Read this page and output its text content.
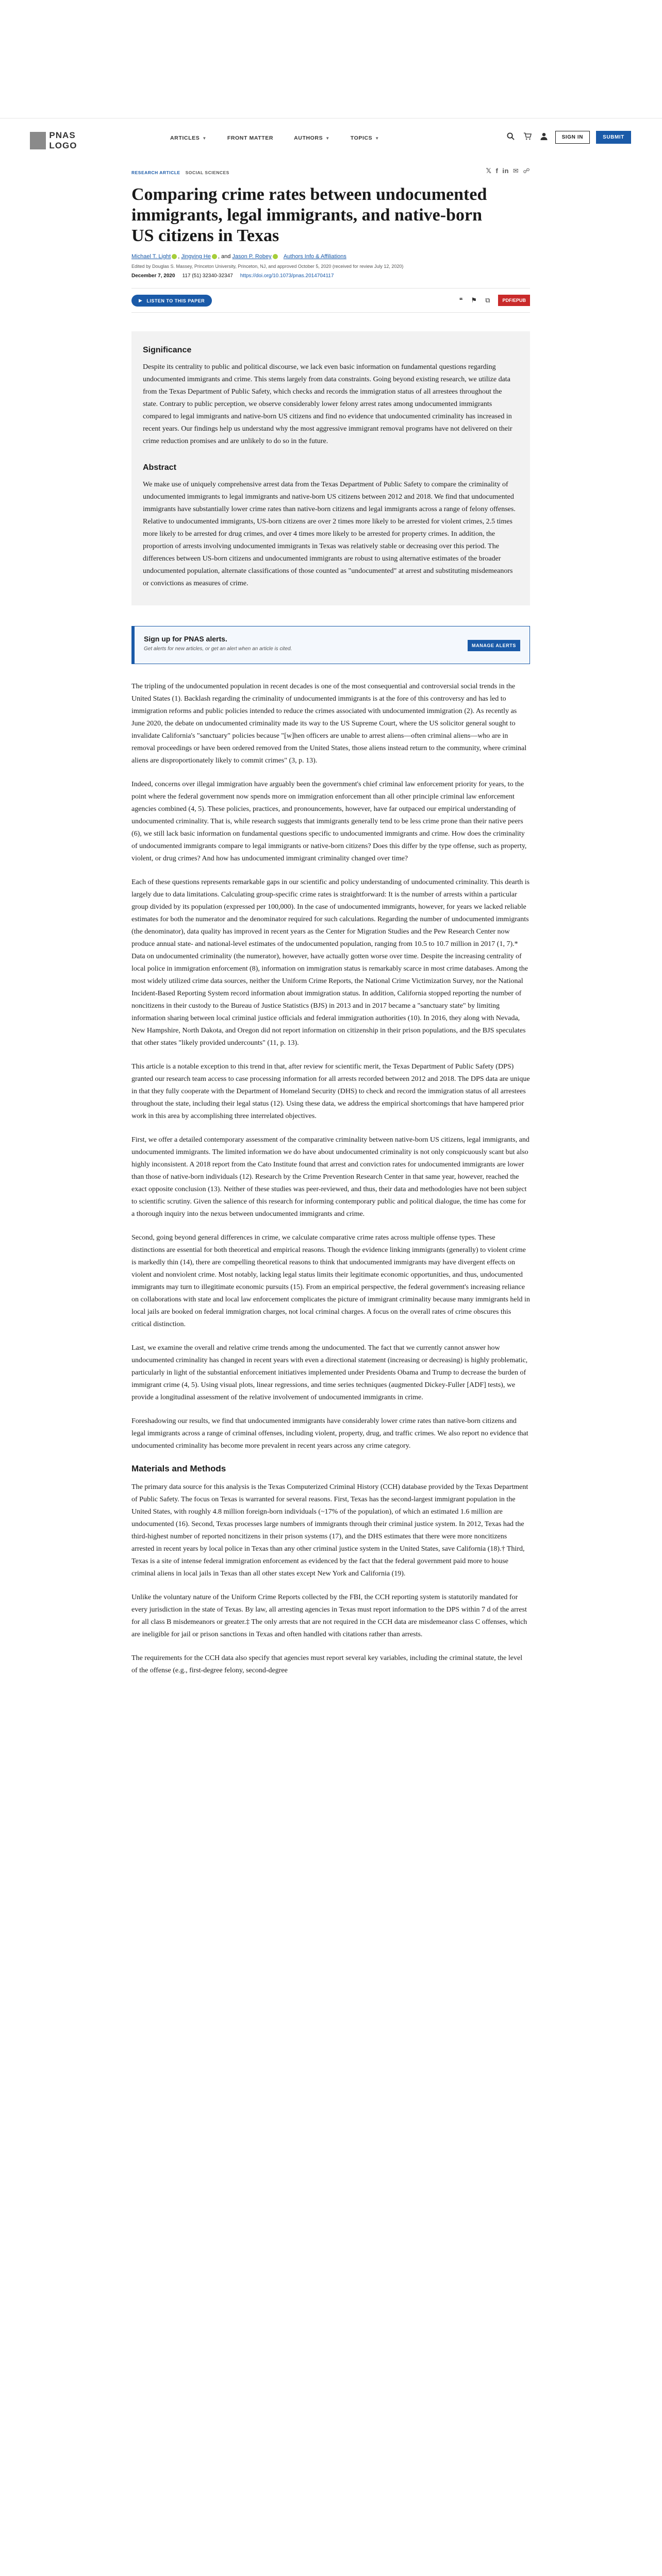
PNAS LOGO
ARTICLES ▼	FRONT MATTER	AUTHORS ▼	TOPICS ▼	SIGN IN	SUBMIT
RESEARCH ARTICLE SOCIAL SCIENCES	𝕏 f in ✉ ☍
Comparing crime rates between undocumented immigrants, legal immigrants, and native-born US citizens in Texas
Michael T. Light , Jingying He , and Jason P. Robey Authors Info & Affiliations
Edited by Douglas S. Massey, Princeton University, Princeton, NJ, and approved October 5, 2020 (received for review July 12, 2020)
December 7, 2020 117 (51) 32340-32347 https://doi.org/10.1073/pnas.2014704117
▶ LISTEN TO THIS PAPER	❝ ⚑ ⧉	PDF/EPUB
Significance

Despite its centrality to public and political discourse, we lack even basic information on fundamental questions regarding undocumented immigrants and crime. This stems largely from data constraints. Going beyond existing research, we utilize data from the Texas Department of Public Safety, which checks and records the immigration status of all arrestees throughout the state. Contrary to public perception, we observe considerably lower felony arrest rates among undocumented immigrants compared to legal immigrants and native-born US citizens and find no evidence that undocumented criminality has increased in recent years. Our findings help us understand why the most aggressive immigrant removal programs have not delivered on their crime reduction promises and are unlikely to do so in the future.

Abstract

We make use of uniquely comprehensive arrest data from the Texas Department of Public Safety to compare the criminality of undocumented immigrants to legal immigrants and native-born US citizens between 2012 and 2018. We find that undocumented immigrants have substantially lower crime rates than native-born citizens and legal immigrants across a range of felony offenses. Relative to undocumented immigrants, US-born citizens are over 2 times more likely to be arrested for violent crimes, 2.5 times more likely to be arrested for drug crimes, and over 4 times more likely to be arrested for property crimes. In addition, the proportion of arrests involving undocumented immigrants in Texas was relatively stable or decreasing over this period. The differences between US-born citizens and undocumented immigrants are robust to using alternative estimates of the broader undocumented population, alternate classifications of those counted as "undocumented" at arrest and substituting misdemeanors or convictions as measures of crime.

Sign up for PNAS alerts.
Get alerts for new articles, or get an alert when an article is cited.
MANAGE ALERTS

The tripling of the undocumented population in recent decades is one of the most consequential and controversial social trends in the United States (1). Backlash regarding the criminality of undocumented immigrants is at the fore of this controversy and has led to immigration reforms and public policies intended to reduce the crimes associated with undocumented immigration (2). As recently as June 2020, the debate on undocumented criminality made its way to the US Supreme Court, where the US solicitor general sought to invalidate California's "sanctuary" policies because "[w]hen officers are unable to arrest aliens—often criminal aliens—who are in removal proceedings or have been ordered removed from the United States, those aliens instead return to the community, where criminal aliens are disproportionately likely to commit crimes" (3, p. 13).

Indeed, concerns over illegal immigration have arguably been the government's chief criminal law enforcement priority for years, to the point where the federal government now spends more on immigration enforcement than all other principle criminal law enforcement agencies combined (4, 5). These policies, practices, and pronouncements, however, have far outpaced our empirical understanding of undocumented criminality. That is, while research suggests that immigrants generally tend to be less crime prone than their native peers (6), we still lack basic information on fundamental questions specific to undocumented immigrants and crime. How does the criminality of undocumented immigrants compare to legal immigrants or native-born citizens? Does this differ by the type offense, such as property, violent, or drug crimes? And how has undocumented immigrant criminality changed over time?

Each of these questions represents remarkable gaps in our scientific and policy understanding of undocumented criminality. This dearth is largely due to data limitations. Calculating group-specific crime rates is straightforward: It is the number of arrests within a particular group divided by its population (expressed per 100,000). In the case of undocumented immigrants, however, for years we lacked reliable estimates for both the numerator and the denominator required for such calculations. Regarding the number of undocumented immigrants (the denominator), data quality has improved in recent years as the Center for Migration Studies and the Pew Research Center now produce annual state- and national-level estimates of the undocumented population, ranging from 10.5 to 10.7 million in 2017 (1, 7).* Data on undocumented criminality (the numerator), however, have actually gotten worse over time. Despite the increasing centrality of local police in immigration enforcement (8), information on immigration status is remarkably scarce in most crime databases. Among the most widely utilized crime data sources, neither the Uniform Crime Reports, the National Crime Victimization Survey, nor the National Incident-Based Reporting System record information about immigration status. In addition, California stopped reporting the number of noncitizens in their custody to the Bureau of Justice Statistics (BJS) in 2013 and in 2017 became a "sanctuary state" by limiting information sharing between local criminal justice officials and federal immigration authorities (10). In 2016, they along with Nevada, New Hampshire, North Dakota, and Oregon did not report information on citizenship in their prison populations, and the BJS speculates that other states "likely provided undercounts" (11, p. 13).

This article is a notable exception to this trend in that, after review for scientific merit, the Texas Department of Public Safety (DPS) granted our research team access to case processing information for all arrests recorded between 2012 and 2018. The DPS data are unique in that they fully cooperate with the Department of Homeland Security (DHS) to check and record the immigration status of all arrestees throughout the state, including their legal status (12). Using these data, we address the empirical shortcomings that have hampered prior work in this area by accomplishing three interrelated objectives.

First, we offer a detailed contemporary assessment of the comparative criminality between native-born US citizens, legal immigrants, and undocumented immigrants. The limited information we do have about undocumented criminality is not only conspicuously scant but also highly inconsistent. A 2018 report from the Cato Institute found that arrest and conviction rates for undocumented immigrants are lower than those of native-born individuals (12). Research by the Crime Prevention Research Center in that same year, however, reached the exact opposite conclusion (13). Neither of these studies was peer-reviewed, and thus, their data and methodologies have not been subject to scientific scrutiny. Given the salience of this research for informing contemporary public and political dialogue, the time has come for a thorough inquiry into the nexus between undocumented immigrants and crime.

Second, going beyond general differences in crime, we calculate comparative crime rates across multiple offense types. These distinctions are essential for both theoretical and empirical reasons. Though the evidence linking immigrants (generally) to violent crime is markedly thin (14), there are compelling theoretical reasons to think that undocumented immigrants may have divergent effects on violent and nonviolent crime. Most notably, lacking legal status limits their legitimate economic opportunities, and thus, undocumented immigrants may turn to illegitimate economic pursuits (15). From an empirical perspective, the federal government's increasing reliance on collaborations with state and local law enforcement complicates the picture of immigrant criminality because many immigrants held in local jails are booked on federal immigration charges, not local criminal charges. A focus on the overall rates of crime obscures this critical distinction.

Last, we examine the overall and relative crime trends among the undocumented. The fact that we currently cannot answer how undocumented criminality has changed in recent years with even a directional statement (increasing or decreasing) is highly problematic, particularly in light of the substantial enforcement initiatives implemented under Presidents Obama and Trump to decrease the burden of immigrant crime (4, 5). Using visual plots, linear regressions, and time series techniques (augmented Dickey-Fuller [ADF] tests), we provide a longitudinal assessment of the relative involvement of undocumented immigrants in crime.

Foreshadowing our results, we find that undocumented immigrants have considerably lower crime rates than native-born citizens and legal immigrants across a range of criminal offenses, including violent, property, drug, and traffic crimes. We also report no evidence that undocumented criminality has become more prevalent in recent years across any crime category.

Materials and Methods

The primary data source for this analysis is the Texas Computerized Criminal History (CCH) database provided by the Texas Department of Public Safety. The focus on Texas is warranted for several reasons. First, Texas has the second-largest immigrant population in the United States, with roughly 4.8 million foreign-born individuals (~17% of the population), of which an estimated 1.6 million are undocumented (16). Second, Texas processes large numbers of immigrants through their criminal justice system. In 2012, Texas had the third-highest number of reported noncitizens in their prison systems (17), and the DHS estimates that there were more noncitizens arrested in recent years by local police in Texas than any other criminal justice system in the United States, save California (18).† Third, Texas is a site of intense federal immigration enforcement as evidenced by the fact that the federal government paid more to house criminal aliens in local jails in Texas than all other states except New York and California (19).

Unlike the voluntary nature of the Uniform Crime Reports collected by the FBI, the CCH reporting system is statutorily mandated for every jurisdiction in the state of Texas. By law, all arresting agencies in Texas must report information to the DPS within 7 d of the arrest for all class B misdemeanors or greater.‡ The only arrests that are not required in the CCH data are misdemeanor class C offenses, which are ineligible for jail or prison sanctions in Texas and often handled with citations rather than arrests.

The requirements for the CCH data also specify that agencies must report several key variables, including the criminal statute, the level of the offense (e.g., first-degree felony, second-degree
